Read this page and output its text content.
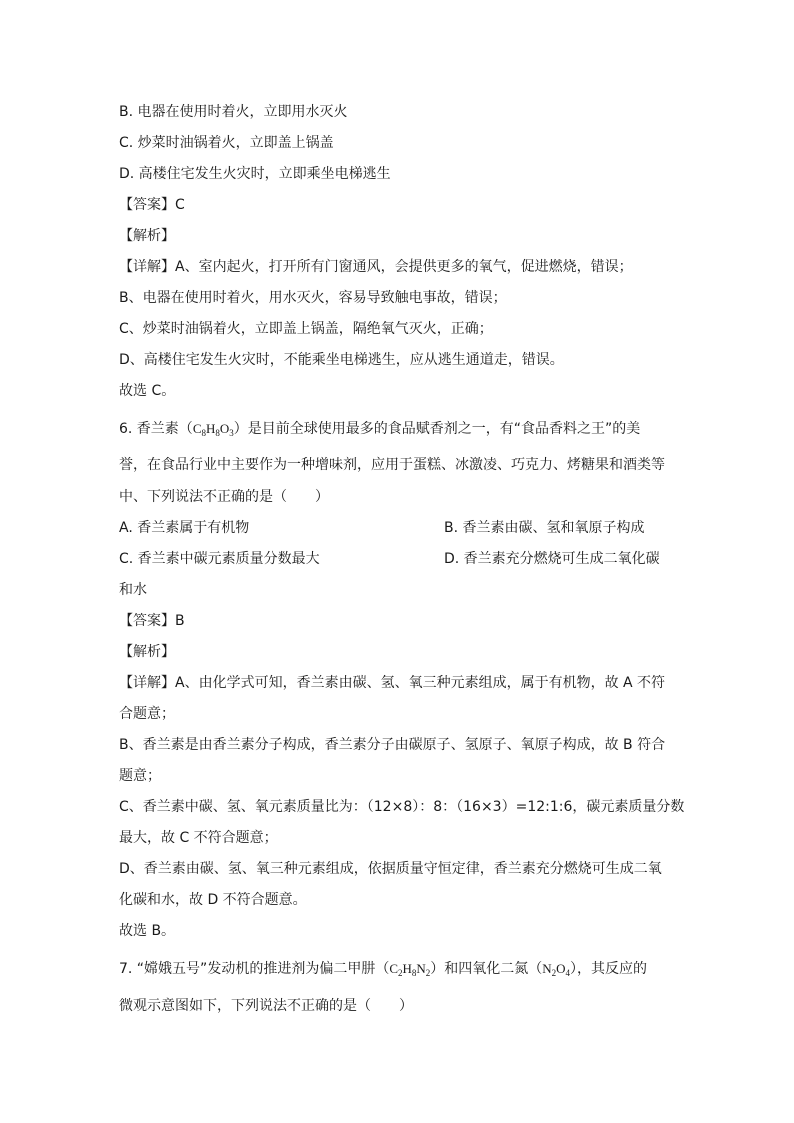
B. 电器在使用时着火，立即用水灭火
C. 炒菜时油锅着火，立即盖上锅盖
D. 高楼住宅发生火灾时，立即乘坐电梯逃生
【答案】C
【解析】
【详解】A、室内起火，打开所有门窗通风，会提供更多的氧气，促进燃烧，错误；
B、电器在使用时着火，用水灭火，容易导致触电事故，错误；
C、炒菜时油锅着火，立即盖上锅盖，隔绝氧气灭火，正确；
D、高楼住宅发生火灾时，不能乘坐电梯逃生，应从逃生通道走，错误。
故选 C。
6. 香兰素$(C_8H_8O_3)$是目前全球使用最多的食品赋香剂之一，有“食品香料之王”的美
誉，在食品行业中主要作为一种增味剂，应用于蛋糕、冰激凌、巧克力、烤糖果和酒类等
中、下列说法不正确的是（　　）
A. 香兰素属于有机物	B. 香兰素由碳、氢和氧原子构成
C. 香兰素中碳元素质量分数最大	D. 香兰素充分燃烧可生成二氧化碳
和水
【答案】B
【解析】
【详解】A、由化学式可知，香兰素由碳、氢、氧三种元素组成，属于有机物，故 A 不符
合题意；
B、香兰素是由香兰素分子构成，香兰素分子由碳原子、氢原子、氧原子构成，故 B 符合
题意；
C、香兰素中碳、氢、氧元素质量比为：（12×8）：8：（16×3）=12:1:6，碳元素质量分数
最大，故 C 不符合题意；
D、香兰素由碳、氢、氧三种元素组成，依据质量守恒定律，香兰素充分燃烧可生成二氧
化碳和水，故 D 不符合题意。
故选 B。
7. “嫦娥五号”发动机的推进剂为偏二甲肼$(C_2H_8N_2)$和四氧化二氮$(N_2O_4)$，其反应的
微观示意图如下，下列说法不正确的是（　　）
